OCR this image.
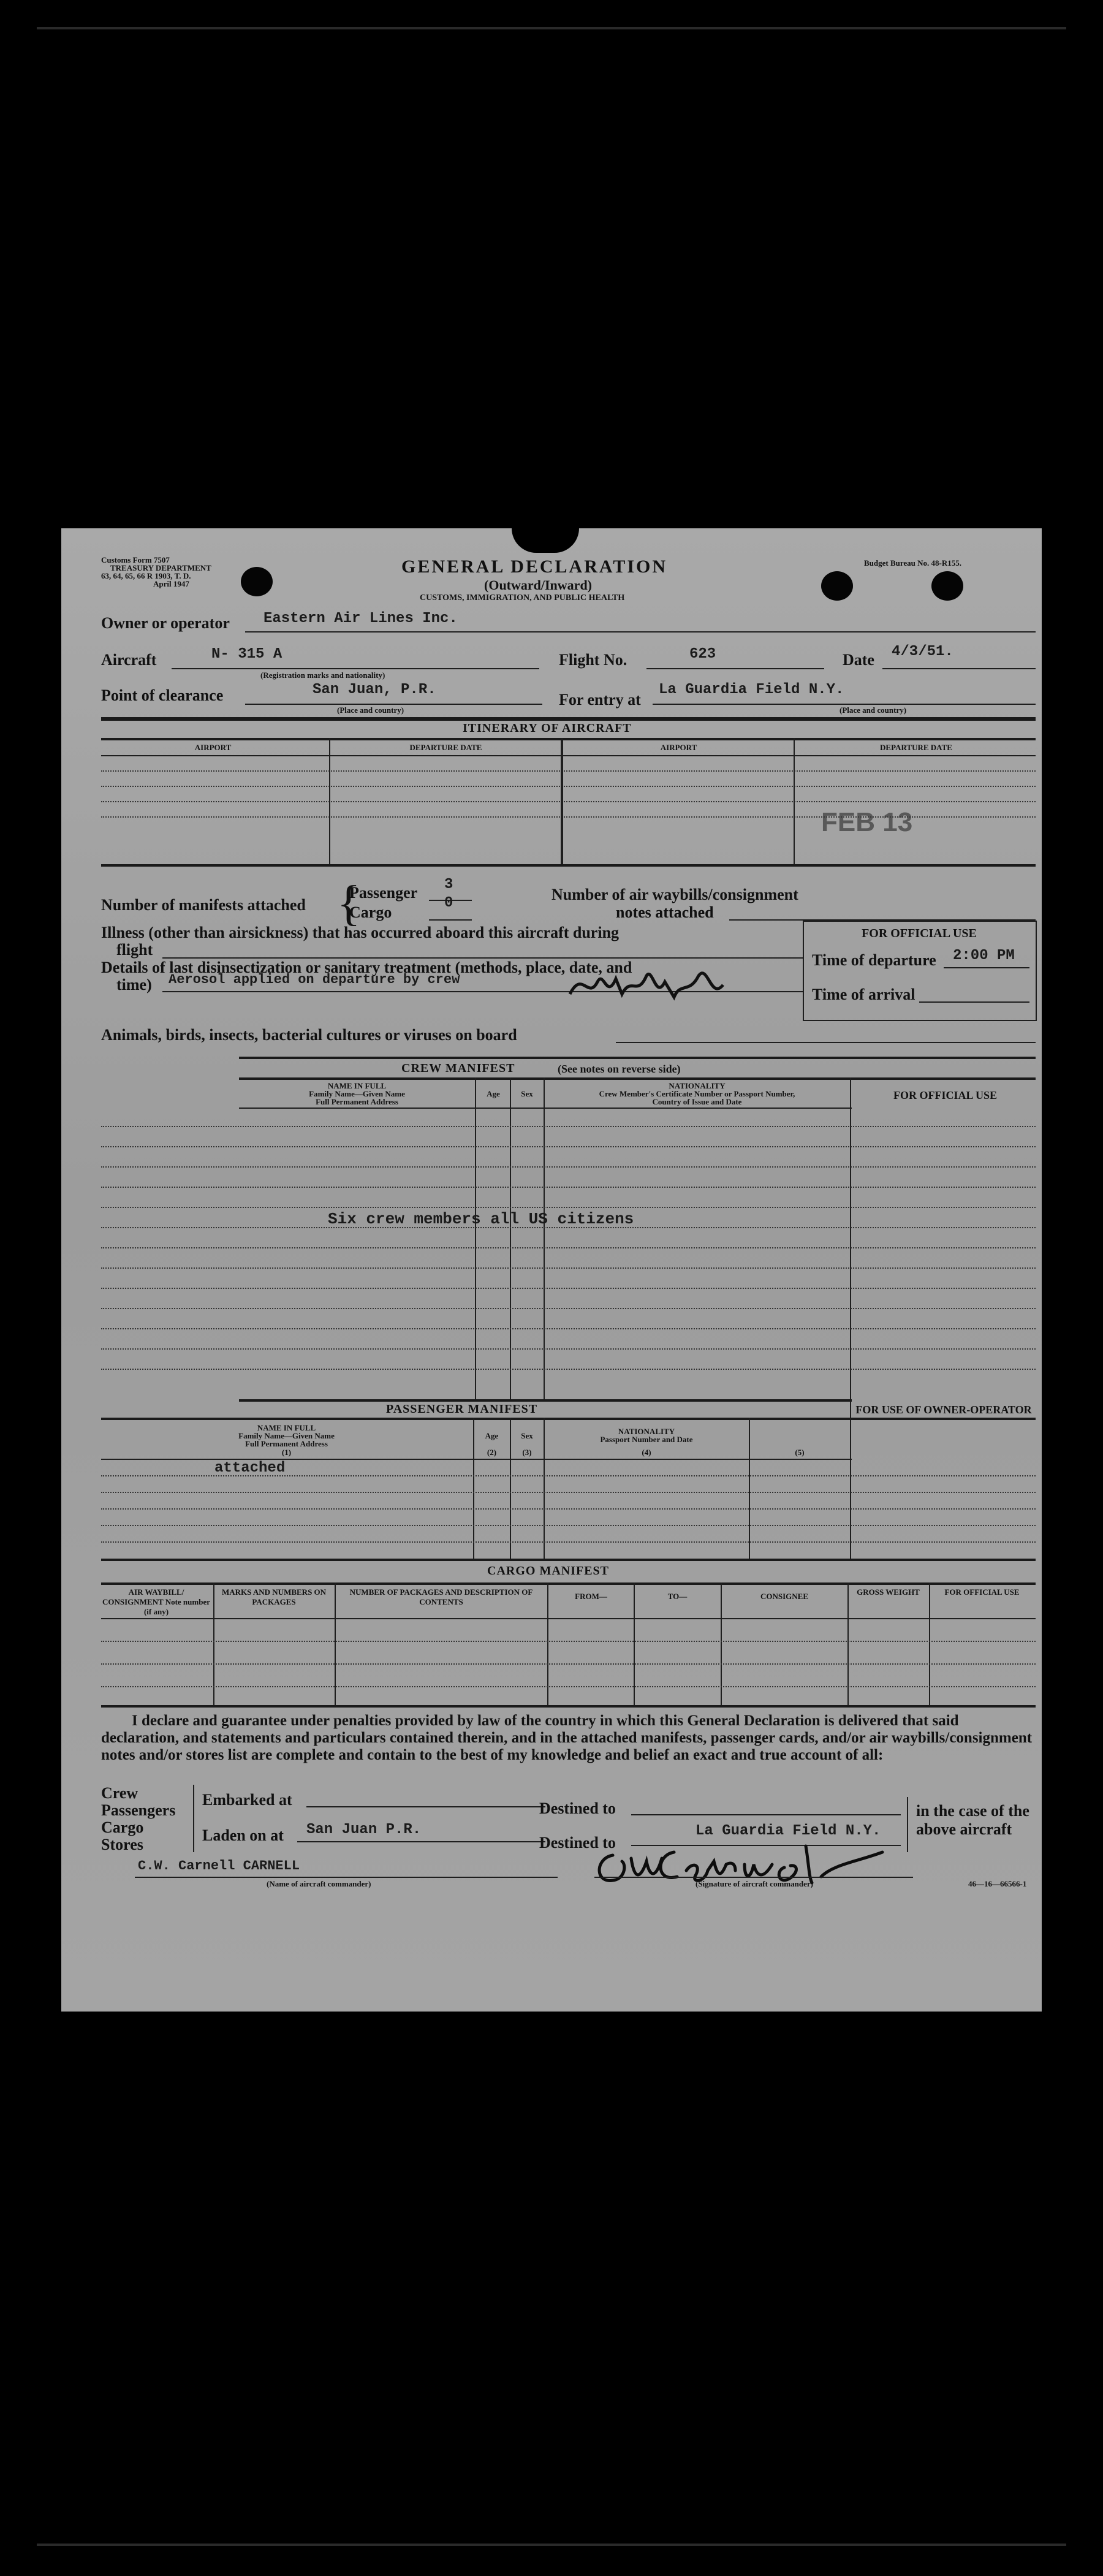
Customs Form 7507
TREASURY DEPARTMENT
63, 64, 65, 66 R 1903, T. D.
April 1947
Budget Bureau No. 48-R155.
GENERAL DECLARATION
(Outward/Inward)
CUSTOMS, IMMIGRATION, AND PUBLIC HEALTH
Owner or operator Eastern Air Lines Inc.
Aircraft	N- 315 A
(Registration marks and nationality)
Flight No.	623	Date 4/3/51.
Point of clearance	San Juan, P.R.
(Place and country)
For entry at
La Guardia Field N.Y.
(Place and country)
ITINERARY OF AIRCRAFT
AIRPORT	DEPARTURE DATE	AIRPORT	DEPARTURE DATE
FEB 13
Number of manifests attached {
Passenger 3
Cargo
0	Number of air waybills/consignment
notes attached
Illness (other than airsickness) that has occurred aboard this aircraft during
flight
Details of last disinsectization or sanitary treatment (methods, place, date, and
time) Aerosol applied on departure by crew
FOR OFFICIAL USE
Time of departure 2:00 PM
Time of arrival
Animals, birds, insects, bacterial cultures or viruses on board
CREW MANIFEST	(See notes on reverse side)
NAME IN FULL
Family Name—Given Name
Full Permanent Address
Age	Sex
NATIONALITY
Crew Member's Certificate Number or Passport Number,
Country of Issue and Date
FOR OFFICIAL USE
Six crew members all US citizens
PASSENGER MANIFEST	FOR USE OF OWNER-OPERATOR
NAME IN FULL
Family Name—Given Name
Full Permanent Address
(1)
Age
(2)
Sex
(3)
NATIONALITY
Passport Number and Date
(4)	(5)
attached
CARGO MANIFEST
AIR WAYBILL/ CONSIGNMENT Note number (if any)
MARKS AND NUMBERS ON PACKAGES
NUMBER OF PACKAGES AND DESCRIPTION OF CONTENTS
FROM—	TO—	CONSIGNEE	GROSS WEIGHT	FOR OFFICIAL USE
I declare and guarantee under penalties provided by law of the country in which this General Declaration is delivered that said declaration, and statements and particulars contained therein, and in the attached manifests, passenger cards, and/or air waybills/consignment notes and/or stores list are complete and contain to the best of my knowledge and belief an exact and true account of all:
Crew
Passengers
Cargo
Stores
Embarked at
Laden on at San Juan P.R.
Destined to
Destined to
La Guardia Field N.Y.
in the case of the above aircraft
C.W. Carnell CARNELL
(Name of aircraft commander)	(Signature of aircraft commander)	46—16—66566-1
